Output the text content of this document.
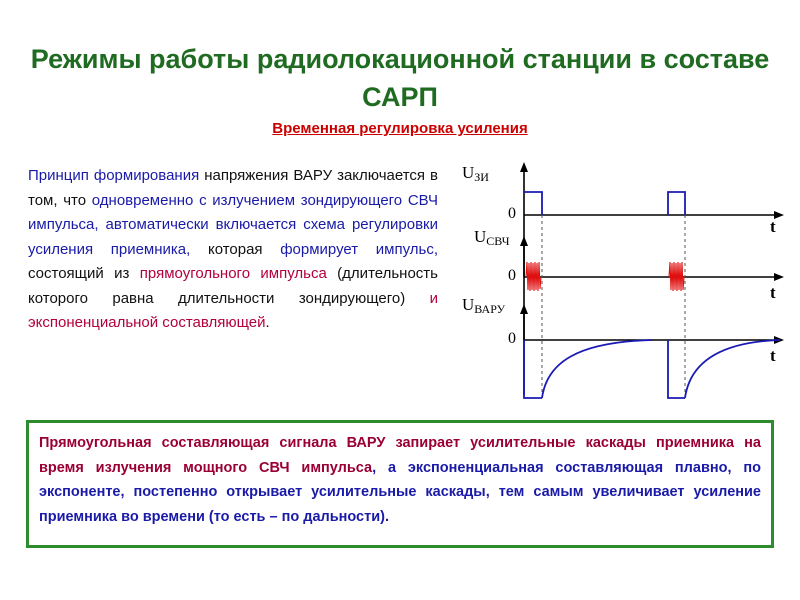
Режимы работы радиолокационной станции в составе САРП
Временная регулировка усиления
Принцип формирования напряжения ВАРУ заключается в том, что одновременно с излучением зондирующего СВЧ импульса, автоматически включается схема регулировки усиления приемника, которая формирует импульс, состоящий из прямоугольного импульса (длительность которого равна длительности зондирующего) и экспоненциальной составляющей.
UЗИ
UСВЧ
UВАРУ
0
0
0
t
t
t
Прямоугольная составляющая сигнала ВАРУ запирает усилительные каскады приемника на время излучения мощного СВЧ импульса, а экспоненциальная составляющая плавно, по экспоненте, постепенно открывает усилительные каскады, тем самым увеличивает усиление приемника во времени (то есть – по дальности).
